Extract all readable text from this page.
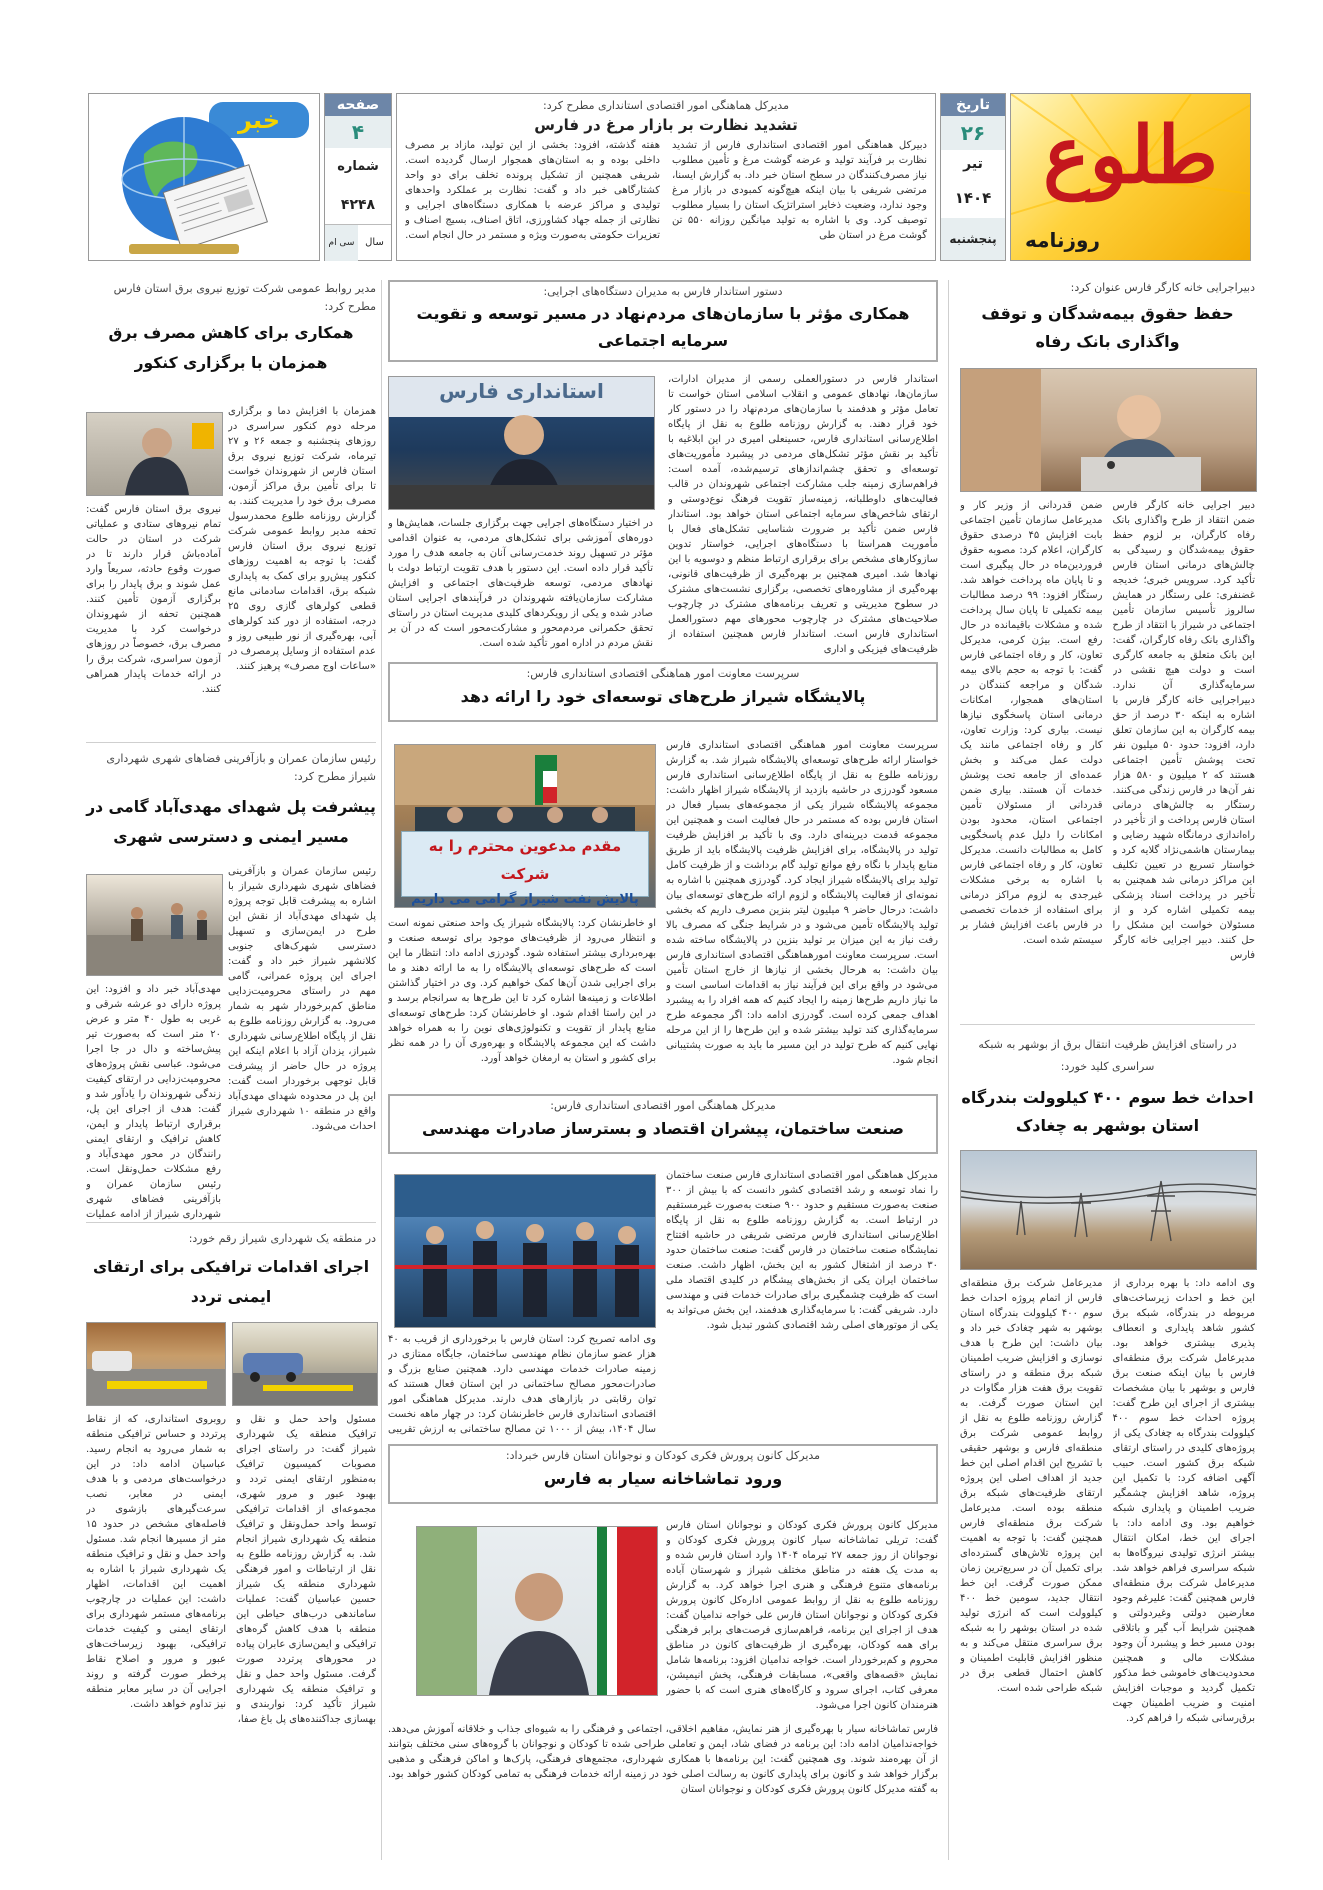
طلوع
روزنامه
تاریخ
۲۶
تیر
۱۴۰۴
پنجشنبه
مدیرکل هماهنگی امور اقتصادی استانداری مطرح کرد:
تشدید نظارت بر بازار مرغ در فارس

دبیرکل هماهنگی امور اقتصادی استانداری فارس از تشدید نظارت بر فرآیند تولید و عرضه گوشت مرغ و تأمین مطلوب نیاز مصرف‌کنندگان در سطح استان خبر داد. به گزارش ایسنا، مرتضی شریفی با بیان اینکه هیچ‌گونه کمبودی در بازار مرغ وجود ندارد، وضعیت ذخایر استراتژیک استان را بسیار مطلوب توصیف کرد. وی با اشاره به تولید میانگین روزانه ۵۵۰ تن گوشت مرغ در استان طی

هفته گذشته، افزود: بخشی از این تولید، مازاد بر مصرف داخلی بوده و به استان‌های همجوار ارسال گردیده است. شریفی همچنین از تشکیل پرونده تخلف برای دو واحد کشتارگاهی خبر داد و گفت: نظارت بر عملکرد واحدهای تولیدی و مراکز عرضه با همکاری دستگاه‌های اجرایی و نظارتی از جمله جهاد کشاورزی، اتاق اصناف، بسیج اصناف و تعزیرات حکومتی به‌صورت ویژه و مستمر در حال انجام است.

صفحه
۴
شماره
۴۲۴۸
سال
سی ام
خبر
دبیراجرایی خانه کارگر فارس عنوان کرد:
حفظ حقوق بیمه‌شدگان و توقف واگذاری بانک رفاه

دبیر اجرایی خانه کارگر فارس ضمن انتقاد از طرح واگذاری بانک رفاه کارگران، بر لزوم حفظ حقوق بیمه‌شدگان و رسیدگی به چالش‌های درمانی استان فارس تأکید کرد. سرویس خبری؛ خدیجه غضنفری: علی رستگار در همایش سالروز تأسیس سازمان تأمین اجتماعی در شیراز با انتقاد از طرح واگذاری بانک رفاه کارگران، گفت: این بانک متعلق به جامعه کارگری است و دولت هیچ نقشی در سرمایه‌گذاری آن ندارد. دبیراجرایی خانه کارگر فارس با اشاره به اینکه ۳۰ درصد از حق بیمه کارگران به این سازمان تعلق دارد، افزود: حدود ۵۰ میلیون نفر تحت پوشش تأمین اجتماعی هستند که ۲ میلیون و ۵۸۰ هزار نفر آن‌ها در فارس زندگی می‌کنند. رستگار به چالش‌های درمانی استان فارس پرداخت و از تأخیر در راه‌اندازی درمانگاه شهید رضایی و بیمارستان هاشمی‌نژاد گلایه کرد و خواستار تسریع در تعیین تکلیف این مراکز درمانی شد همچنین به تأخیر در پرداخت اسناد پزشکی بیمه تکمیلی اشاره کرد و از مسئولان خواست این مشکل را حل کنند. دبیر اجرایی خانه کارگر فارس

ضمن قدردانی از وزیر کار و مدیرعامل سازمان تأمین اجتماعی بابت افزایش ۴۵ درصدی حقوق کارگران، اعلام کرد: مصوبه حقوق فروردین‌ماه در حال پیگیری است و تا پایان ماه پرداخت خواهد شد. رستگار افزود: ۹۹ درصد مطالبات بیمه تکمیلی تا پایان سال پرداخت شده و مشکلات باقیمانده در حال رفع است. بیژن کرمی، مدیرکل تعاون، کار و رفاه اجتماعی فارس گفت: با توجه به حجم بالای بیمه شدگان و مراجعه کنندگان در استان‌های همجوار، امکانات درمانی استان پاسخگوی نیازها نیست. بیاری کرد: وزارت تعاون، کار و رفاه اجتماعی مانند یک دولت عمل می‌کند و بخش عمده‌ای از جامعه تحت پوشش خدمات آن هستند. بیاری ضمن قدردانی از مسئولان تأمین اجتماعی استان، محدود بودن امکانات را دلیل عدم پاسخگویی کامل به مطالبات دانست. مدیرکل تعاون، کار و رفاه اجتماعی فارس با اشاره به برخی مشکلات غیرجدی به لزوم مراکز درمانی برای استفاده از خدمات تخصصی در فارس باعث افزایش فشار بر سیستم شده است.

در راستای افزایش ظرفیت انتقال برق از بوشهر به شبکه سراسری کلید خورد:
احداث خط سوم ۴۰۰ کیلوولت بندرگاه استان بوشهر به چغادک

وی ادامه داد: با بهره برداری از این خط و احداث زیرساخت‌های مربوطه در بندرگاه، شبکه برق کشور شاهد پایداری و انعطاف پذیری بیشتری خواهد بود. مدیرعامل شرکت برق منطقه‌ای فارس با بیان اینکه صنعت برق فارس و بوشهر با بیان مشخصات بیشتری از اجرای این طرح گفت: پروژه احداث خط سوم ۴۰۰ کیلوولت بندرگاه به چغادک یکی از پروژه‌های کلیدی در راستای ارتقای شبکه برق کشور است. حبیب آگهی اضافه کرد: با تکمیل این پروژه، شاهد افزایش چشمگیر ضریب اطمینان و پایداری شبکه خواهیم بود. وی ادامه داد: با اجرای این خط، امکان انتقال بیشتر انرژی تولیدی نیروگاه‌ها به شبکه سراسری فراهم خواهد شد. مدیرعامل شرکت برق منطقه‌ای فارس همچنین گفت: علیرغم وجود معارضین دولتی وغیردولتی و همچنین شرایط آب گیر و باتلاقی بودن مسیر خط و پیشبرد آن وجود مشکلات مالی و همچنین محدودیت‌های خاموشی خط مذکور تکمیل گردید و موجبات افزایش امنیت و ضریب اطمینان جهت برق‌رسانی شبکه را فراهم کرد.

مدیرعامل شرکت برق منطقه‌ای فارس از اتمام پروژه احداث خط سوم ۴۰۰ کیلوولت بندرگاه استان بوشهر به شهر چغادک خبر داد و بیان داشت: این طرح با هدف نوسازی و افزایش ضریب اطمینان شبکه برق منطقه و در راستای تقویت برق هفت هزار مگاوات در این استان صورت گرفت. به گزارش روزنامه طلوع به نقل از روابط عمومی شرکت برق منطقه‌ای فارس و بوشهر حقیقی با تشریح این اقدام اصلی این خط جدید از اهداف اصلی این پروژه ارتقای ظرفیت‌های شبکه برق منطقه بوده است. مدیرعامل شرکت برق منطقه‌ای فارس همچنین گفت: با توجه به اهمیت این پروژه تلاش‌های گسترده‌ای برای تکمیل آن در سریع‌ترین زمان ممکن صورت گرفت. این خط انتقال جدید، سومین خط ۴۰۰ کیلوولت است که انرژی تولید شده در استان بوشهر را به شبکه برق سراسری منتقل می‌کند و به منظور افزایش قابلیت اطمینان و کاهش احتمال قطعی برق در شبکه طراحی شده است.

دستور استاندار فارس به مدیران دستگاه‌های اجرایی:
همکاری مؤثر با سازمان‌های مردم‌نهاد در مسیر توسعه و تقویت سرمایه اجتماعی

استاندار فارس در دستورالعملی رسمی از مدیران ادارات، سازمان‌ها، نهادهای عمومی و انقلاب اسلامی استان خواست تا تعامل مؤثر و هدفمند با سازمان‌های مردم‌نهاد را در دستور کار خود قرار دهند. به گزارش روزنامه طلوع به نقل از پایگاه اطلاع‌رسانی استانداری فارس، حسینعلی امیری در این ابلاغیه با تأکید بر نقش مؤثر تشکل‌های مردمی در پیشبرد مأموریت‌های توسعه‌ای و تحقق چشم‌اندازهای ترسیم‌شده، آمده است: فراهم‌سازی زمینه جلب مشارکت اجتماعی شهروندان در قالب فعالیت‌های داوطلبانه، زمینه‌ساز تقویت فرهنگ نوع‌دوستی و ارتقای شاخص‌های سرمایه اجتماعی استان خواهد بود. استاندار فارس ضمن تأکید بر ضرورت شناسایی تشکل‌های فعال با مأموریت همراستا با دستگاه‌های اجرایی، خواستار تدوین سازوکارهای مشخص برای برقراری ارتباط منظم و دوسویه با این نهادها شد. امیری همچنین بر بهره‌گیری از ظرفیت‌های قانونی، بهره‌گیری از مشاوره‌های تخصصی، برگزاری نشست‌های مشترک در سطوح مدیریتی و تعریف برنامه‌های مشترک در چارچوب صلاحیت‌های مشترک در چارچوب محورهای مهم دستورالعمل استانداری فارس است. استاندار فارس همچنین استفاده از ظرفیت‌های فیزیکی و اداری

استانداری فارس

در اختیار دستگاه‌های اجرایی جهت برگزاری جلسات، همایش‌ها و دوره‌های آموزشی برای تشکل‌های مردمی، به عنوان اقدامی مؤثر در تسهیل روند خدمت‌رسانی آنان به جامعه هدف را مورد تأکید قرار داده است. این دستور با هدف تقویت ارتباط دولت با نهادهای مردمی، توسعه ظرفیت‌های اجتماعی و افزایش مشارکت سازمان‌یافته شهروندان در فرآیندهای اجرایی استان صادر شده و یکی از رویکردهای کلیدی مدیریت استان در راستای تحقق حکمرانی مردم‌محور و مشارکت‌محور است که در آن بر نقش مردم در اداره امور تأکید شده است.

سرپرست معاونت امور هماهنگی اقتصادی استانداری فارس:
پالایشگاه شیراز طرح‌های توسعه‌ای خود را ارائه دهد

سرپرست معاونت امور هماهنگی اقتصادی استانداری فارس خواستار ارائه طرح‌های توسعه‌ای پالایشگاه شیراز شد. به گزارش روزنامه طلوع به نقل از پایگاه اطلاع‌رسانی استانداری فارس مسعود گودرزی در حاشیه بازدید از پالایشگاه شیراز اظهار داشت: مجموعه پالایشگاه شیراز یکی از مجموعه‌های بسیار فعال در استان فارس بوده که مستمر در حال فعالیت است و همچنین این مجموعه قدمت دیرینه‌ای دارد. وی با تأکید بر افزایش ظرفیت تولید در پالایشگاه، برای افزایش ظرفیت پالایشگاه باید از طریق منابع پایدار با نگاه رفع موانع تولید گام برداشت و از ظرفیت کامل تولید برای پالایشگاه شیراز ایجاد کرد. گودرزی همچنین با اشاره به نمونه‌ای از فعالیت پالایشگاه و لزوم ارائه طرح‌های توسعه‌ای بیان داشت: درحال حاضر ۹ میلیون لیتر بنزین مصرف داریم که بخشی تولید پالایشگاه تأمین می‌شود و در شرایط جنگی که مصرف بالا رفت نیاز به این میزان بر تولید بنزین در پالایشگاه ساخته شده است. سرپرست معاونت امورهماهنگی اقتصادی استانداری فارس بیان داشت: به هرحال بخشی از نیازها از خارج استان تأمین می‌شود در واقع برای این فرآیند نیاز به اقدامات اساسی است و ما نیاز داریم طرح‌ها زمینه را ایجاد کنیم که همه افراد را به پیشبرد اهداف جمعی کرده است. گودرزی ادامه داد: اگر مجموعه طرح سرمایه‌گذاری کند تولید بیشتر شده و این طرح‌ها را از این مرحله نهایی کنیم که طرح تولید در این مسیر ما باید به صورت پشتیبانی انجام شود.

مقدم مدعوین محترم را به شرکت
پالایش نفت شیراز گرامی می داریم

او خاطرنشان کرد: پالایشگاه شیراز یک واحد صنعتی نمونه است و انتظار می‌رود از ظرفیت‌های موجود برای توسعه صنعت و بهره‌برداری بیشتر استفاده شود. گودرزی ادامه داد: انتظار ما این است که طرح‌های توسعه‌ای پالایشگاه را به ما ارائه دهند و ما برای اجرایی شدن آن‌ها کمک خواهیم کرد. وی در اختیار گذاشتن اطلاعات و زمینه‌ها اشاره کرد تا این طرح‌ها به سرانجام برسد و در این راستا اقدام شود. او خاطرنشان کرد: طرح‌های توسعه‌ای منابع پایدار از تقویت و تکنولوژی‌های نوین را به همراه خواهد داشت که این مجموعه پالایشگاه و بهره‌وری آن را در همه نظر برای کشور و استان به ارمغان خواهد آورد.

مدیرکل هماهنگی امور اقتصادی استانداری فارس:
صنعت ساختمان، پیشران اقتصاد و بسترساز صادرات مهندسی

مدیرکل هماهنگی امور اقتصادی استانداری فارس صنعت ساختمان را نماد توسعه و رشد اقتصادی کشور دانست که با بیش از ۳۰۰ صنعت به‌صورت مستقیم و حدود ۹۰۰ صنعت به‌صورت غیرمستقیم در ارتباط است. به گزارش روزنامه طلوع به نقل از پایگاه اطلاع‌رسانی استانداری فارس مرتضی شریفی در حاشیه افتتاح نمایشگاه صنعت ساختمان در فارس گفت: صنعت ساختمان حدود ۳۰ درصد از اشتغال کشور به این بخش، اظهار داشت. صنعت ساختمان ایران یکی از بخش‌های پیشگام در کلیدی اقتصاد ملی است که ظرفیت چشمگیری برای صادرات خدمات فنی و مهندسی دارد. شریفی گفت: با سرمایه‌گذاری هدفمند، این بخش می‌تواند به یکی از موتورهای اصلی رشد اقتصادی کشور تبدیل شود.

وی ادامه تصریح کرد: استان فارس با برخورداری از قریب به ۴۰ هزار عضو سازمان نظام مهندسی ساختمان، جایگاه ممتازی در زمینه صادرات خدمات مهندسی دارد. همچنین صنایع بزرگ و صادرات‌محور مصالح ساختمانی در این استان فعال هستند که توان رقابتی در بازارهای هدف دارند. مدیرکل هماهنگی امور اقتصادی استانداری فارس خاطرنشان کرد: در چهار ماهه نخست سال ۱۴۰۴، بیش از ۱۰۰۰ تن مصالح ساختمانی به ارزش تقریبی

مدیرکل کانون پرورش فکری کودکان و نوجوانان استان فارس خبرداد:
ورود تماشاخانه سیار به فارس

مدیرکل کانون پرورش فکری کودکان و نوجوانان استان فارس گفت: تریلی تماشاخانه سیار کانون پرورش فکری کودکان و نوجوانان از روز جمعه ۲۷ تیرماه ۱۴۰۴ وارد استان فارس شده و به مدت یک هفته در مناطق مختلف شیراز و شهرستان آباده برنامه‌های متنوع فرهنگی و هنری اجرا خواهد کرد. به گزارش روزنامه طلوع به نقل از روابط عمومی اداره‌کل کانون پرورش فکری کودکان و نوجوانان استان فارس علی خواجه ندامیان گفت: هدف از اجرای این برنامه، فراهم‌سازی فرصت‌های برابر فرهنگی برای همه کودکان، بهره‌گیری از ظرفیت‌های کانون در مناطق محروم و کم‌برخوردار است. خواجه ندامیان افزود: برنامه‌ها شامل نمایش «قصه‌های واقعی»، مسابقات فرهنگی، پخش انیمیشن، معرفی کتاب، اجرای سرود و کارگاه‌های هنری است که با حضور هنرمندان کانون اجرا می‌شود.

فارس تماشاخانه سیار با بهره‌گیری از هنر نمایش، مفاهیم اخلاقی، اجتماعی و فرهنگی را به شیوه‌ای جذاب و خلاقانه آموزش می‌دهد. خواجه‌ندامیان ادامه داد: این برنامه در فضای شاد، ایمن و تعاملی طراحی شده تا کودکان و نوجوانان با گروه‌های سنی مختلف بتوانند از آن بهره‌مند شوند. وی همچنین گفت: این برنامه‌ها با همکاری شهرداری، مجتمع‌های فرهنگی، پارک‌ها و اماکن فرهنگی و مذهبی برگزار خواهد شد و کانون برای پایداری کانون به رسالت اصلی خود در زمینه ارائه خدمات فرهنگی به تمامی کودکان کشور خواهد بود. به گفته مدیرکل کانون پرورش فکری کودکان و نوجوانان استان

مدیر روابط عمومی شرکت توزیع نیروی برق استان فارس مطرح کرد:
همکاری برای کاهش مصرف برق همزمان با برگزاری کنکور

همزمان با افزایش دما و برگزاری مرحله دوم کنکور سراسری در روزهای پنجشنبه و جمعه ۲۶ و ۲۷ تیرماه، شرکت توزیع نیروی برق استان فارس از شهروندان خواست تا برای تأمین برق مراکز آزمون، مصرف برق خود را مدیریت کنند. به گزارش روزنامه طلوع محمدرسول تحفه مدیر روابط عمومی شرکت توزیع نیروی برق استان فارس گفت: با توجه به اهمیت روزهای کنکور پیش‌رو برای کمک به پایداری شبکه برق، اقدامات سادمانی مانع قطعی کولرهای گازی روی ۲۵ درجه، استفاده از دور کند کولرهای آبی، بهره‌گیری از نور طبیعی روز و عدم استفاده از وسایل پرمصرف در «ساعات اوج مصرف» پرهیز کنند.

نیروی برق استان فارس گفت: تمام نیروهای ستادی و عملیاتی شرکت در استان در حالت آماده‌باش قرار دارند تا در صورت وقوع حادثه، سریعاً وارد عمل شوند و برق پایدار را برای برگزاری آزمون تأمین کنند. همچنین تحفه از شهروندان درخواست کرد با مدیریت مصرف برق، خصوصاً در روزهای آزمون سراسری، شرکت برق را در ارائه خدمات پایدار همراهی کنند.

رئیس سازمان عمران و بازآفرینی فضاهای شهری شهرداری شیراز مطرح کرد:
پیشرفت پل شهدای مهدی‌آباد گامی در مسیر ایمنی و دسترسی شهری

رئیس سازمان عمران و بازآفرینی فضاهای شهری شهرداری شیراز با اشاره به پیشرفت قابل توجه پروژه پل شهدای مهدی‌آباد از نقش این طرح در ایمن‌سازی و تسهیل دسترسی شهرک‌های جنوبی کلانشهر شیراز خبر داد و گفت: اجرای این پروژه عمرانی، گامی مهم در راستای محرومیت‌زدایی مناطق کم‌برخوردار شهر به شمار می‌رود. به گزارش روزنامه طلوع به نقل از پایگاه اطلاع‌رسانی شهرداری شیراز، یزدان آزاد با اعلام اینکه این پروژه در حال حاضر از پیشرفت قابل توجهی برخوردار است گفت: این پل در محدوده شهدای مهدی‌آباد واقع در منطقه ۱۰ شهرداری شیراز احداث می‌شود.

مهدی‌آباد خبر داد و افزود: این پروژه دارای دو عرشه شرقی و غربی به طول ۴۰ متر و عرض ۲۰ متر است که به‌صورت تیر پیش‌ساخته و دال در جا اجرا می‌شود. عباسی نقش پروژه‌های محرومیت‌زدایی در ارتقای کیفیت زندگی شهروندان را یادآور شد و گفت: هدف از اجرای این پل، برقراری ارتباط پایدار و ایمن، کاهش ترافیک و ارتقای ایمنی رانندگان در محور مهدی‌آباد و رفع مشکلات حمل‌ونقل است. رئیس سازمان عمران و بازآفرینی فضاهای شهری شهرداری شیراز از ادامه عملیات

در منطقه یک شهرداری شیراز رقم خورد:
اجرای اقدامات ترافیکی برای ارتقای ایمنی تردد

مسئول واحد حمل و نقل و ترافیک منطقه یک شهرداری شیراز گفت: در راستای اجرای مصوبات کمیسیون ترافیک به‌منظور ارتقای ایمنی تردد و بهبود عبور و مرور شهری، مجموعه‌ای از اقدامات ترافیکی توسط واحد حمل‌ونقل و ترافیک منطقه یک شهرداری شیراز انجام شد. به گزارش روزنامه طلوع به نقل از ارتباطات و امور فرهنگی شهرداری منطقه یک شیراز حسین عباسیان گفت: عملیات ساماندهی درب‌های حیاطی این منطقه با هدف کاهش گره‌های ترافیکی و ایمن‌سازی عابران پیاده در محورهای پرتردد صورت گرفت. مسئول واحد حمل و نقل و ترافیک منطقه یک شهرداری شیراز تأکید کرد: نواربندی و بهسازی جداکننده‌های پل باغ صفا،

روبروی استانداری، که از نقاط پرتردد و حساس ترافیکی منطقه به شمار می‌رود به انجام رسید. عباسیان ادامه داد: در این درخواست‌های مردمی و با هدف ایمنی در معابر، نصب سرعت‌گیرهای بازشوی در فاصله‌های مشخص در حدود ۱۵ متر از مسیرها انجام شد. مسئول واحد حمل و نقل و ترافیک منطقه یک شهرداری شیراز با اشاره به اهمیت این اقدامات، اظهار داشت: این عملیات در چارچوب برنامه‌های مستمر شهرداری برای ارتقای ایمنی و کیفیت خدمات ترافیکی، بهبود زیرساخت‌های عبور و مرور و اصلاح نقاط پرخطر صورت گرفته و روند اجرایی آن در سایر معابر منطقه نیز تداوم خواهد داشت.
